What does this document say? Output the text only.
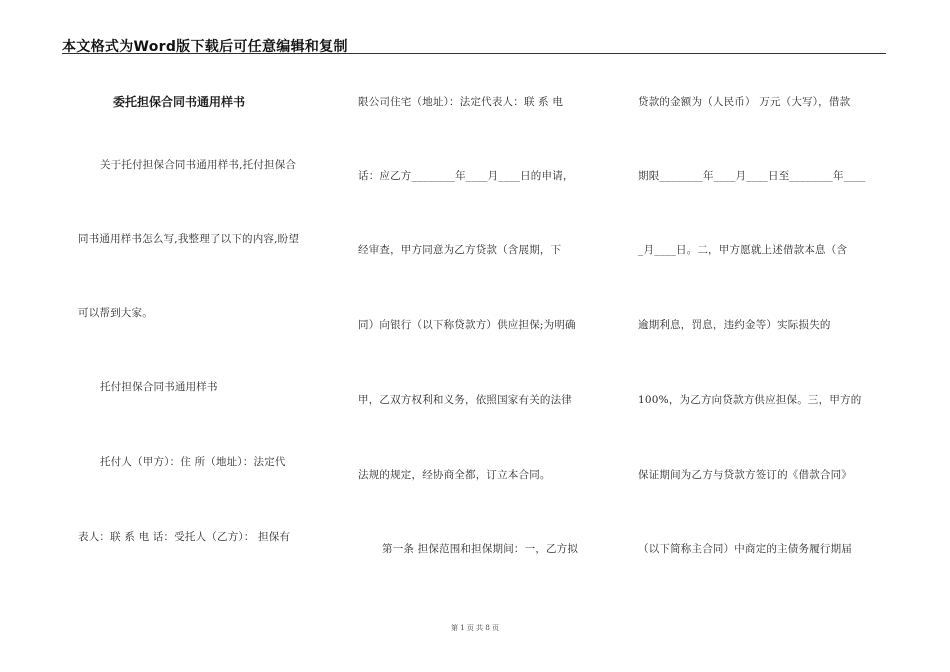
本文格式为Word版下载后可任意编辑和复制
委托担保合同书通用样书
关于托付担保合同书通用样书,托付担保合
同书通用样书怎么写,我整理了以下的内容,盼望
可以帮到大家。
托付担保合同书通用样书
托付人（甲方）：住 所（地址）：法定代
表人：联 系 电 话：受托人（乙方）： 担保有
限公司住宅（地址）：法定代表人：联 系 电
话：应乙方________年____月____日的申请，
经审查，甲方同意为乙方贷款（含展期，下
同）向银行（以下称贷款方）供应担保;为明确
甲，乙双方权利和义务，依照国家有关的法律
法规的规定，经协商全都，订立本合同。
第一条 担保范围和担保期间：一，乙方拟
贷款的金额为（人民币） 万元（大写），借款
期限________年____月____日至________年____
_月____日。二，甲方愿就上述借款本息（含
逾期利息，罚息，违约金等）实际损失的
100%，为乙方向贷款方供应担保。三，甲方的
保证期间为乙方与贷款方签订的《借款合同》
（以下简称主合同）中商定的主债务履行期届
第 1 页 共 8 页
